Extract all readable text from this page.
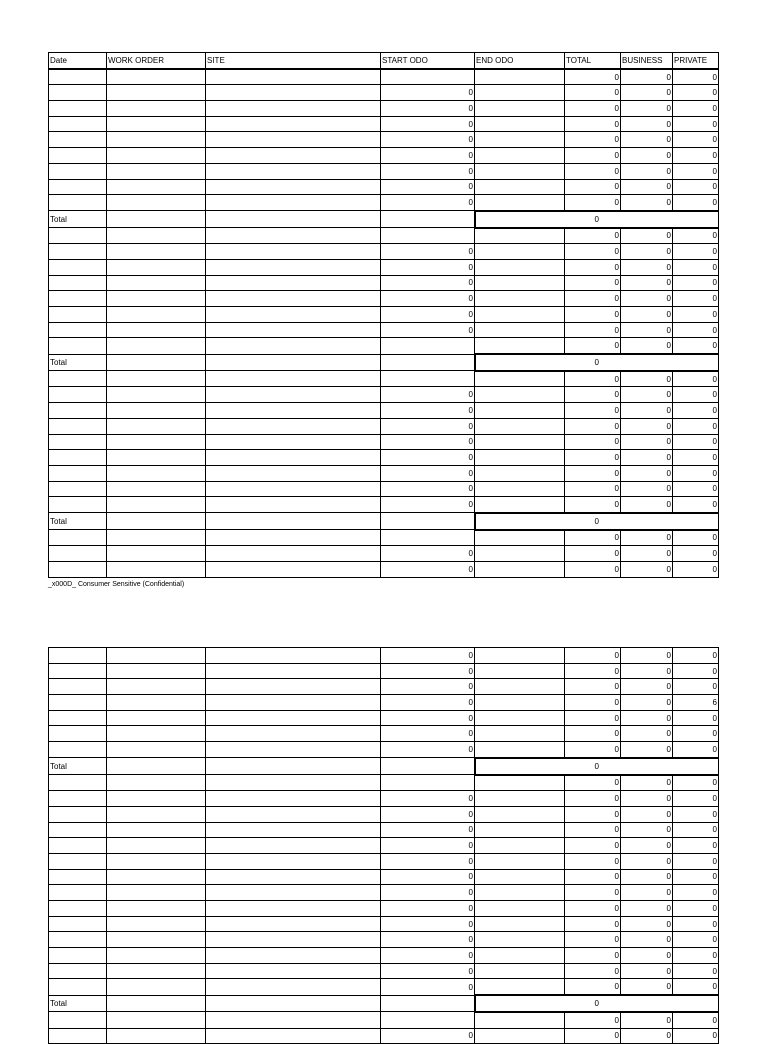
Date	WORK ORDER	SITE	START ODO	END ODO	TOTAL	BUSINESS	PRIVATE
					0	0	0
			0		0	0	0
			0		0	0	0
			0		0	0	0
			0		0	0	0
			0		0	0	0
			0		0	0	0
			0		0	0	0
			0		0	0	0
Total				0			
					0	0	0
			0		0	0	0
			0		0	0	0
			0		0	0	0
			0		0	0	0
			0		0	0	0
			0		0	0	0
					0	0	0
Total				0			
					0	0	0
			0		0	0	0
			0		0	0	0
			0		0	0	0
			0		0	0	0
			0		0	0	0
			0		0	0	0
			0		0	0	0
			0		0	0	0
Total				0			
					0	0	0
			0		0	0	0
			0		0	0	0
_x000D_ Consumer Sensitive (Confidential)
			0		0	0	0
			0		0	0	0
			0		0	0	0
			0		0	0	6
			0		0	0	0
			0		0	0	0
			0		0	0	0
Total				0			
					0	0	0
			0		0	0	0
			0		0	0	0
			0		0	0	0
			0		0	0	0
			0		0	0	0
			0		0	0	0
			0		0	0	0
			0		0	0	0
			0		0	0	0
			0		0	0	0
			0		0	0	0
			0		0	0	0
			0		0	0	0
Total				0			
					0	0	0
			0		0	0	0
